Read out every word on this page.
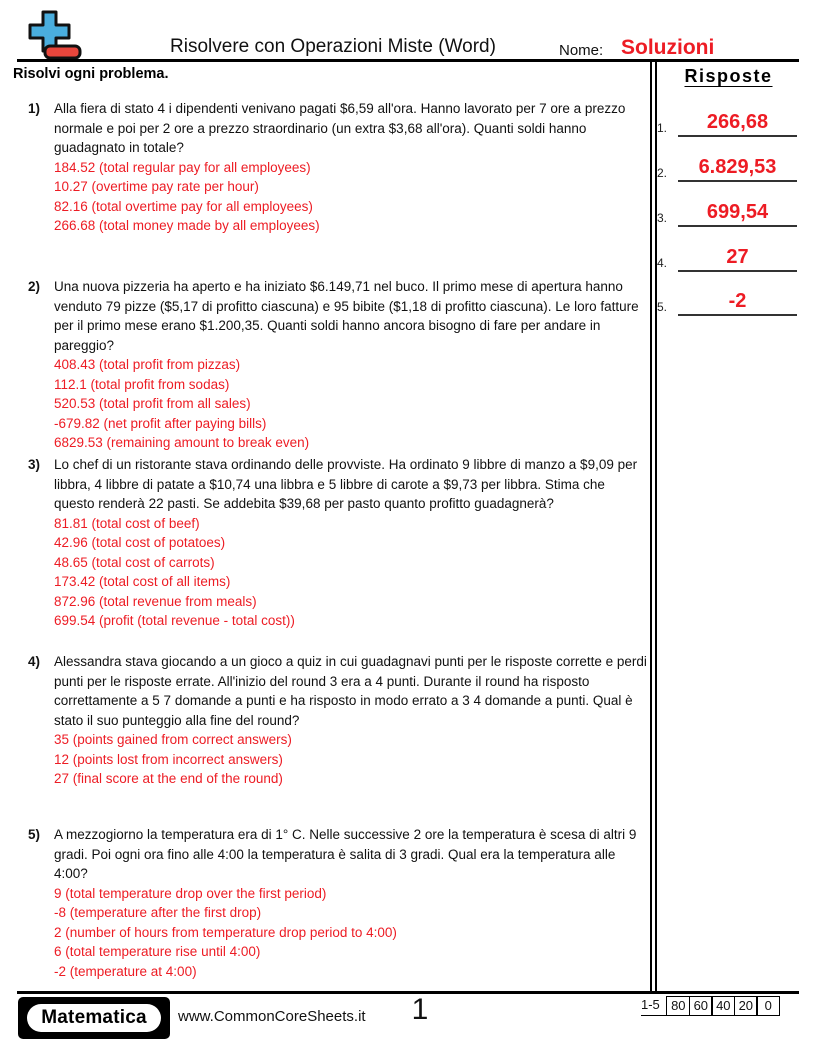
Risolvere con Operazioni Miste (Word)	Nome: Soluzioni
Risolvi ogni problema.	Risposte
1.	266,68
2.	6.829,53
3.	699,54
4.	27
5.	-2
1)	Alla fiera di stato 4 i dipendenti venivano pagati $6,59 all'ora. Hanno lavorato per 7 ore a prezzo normale e poi per 2 ore a prezzo straordinario (un extra $3,68 all'ora). Quanti soldi hanno guadagnato in totale?
184.52 (total regular pay for all employees)
10.27 (overtime pay rate per hour)
82.16 (total overtime pay for all employees)
266.68 (total money made by all employees)
2)	Una nuova pizzeria ha aperto e ha iniziato $6.149,71 nel buco. Il primo mese di apertura hanno venduto 79 pizze ($5,17 di profitto ciascuna) e 95 bibite ($1,18 di profitto ciascuna). Le loro fatture per il primo mese erano $1.200,35. Quanti soldi hanno ancora bisogno di fare per andare in pareggio?
408.43 (total profit from pizzas)
112.1 (total profit from sodas)
520.53 (total profit from all sales)
-679.82 (net profit after paying bills)
6829.53 (remaining amount to break even)
3)	Lo chef di un ristorante stava ordinando delle provviste. Ha ordinato 9 libbre di manzo a $9,09 per libbra, 4 libbre di patate a $10,74 una libbra e 5 libbre di carote a $9,73 per libbra. Stima che questo renderà 22 pasti. Se addebita $39,68 per pasto quanto profitto guadagnerà?
81.81 (total cost of beef)
42.96 (total cost of potatoes)
48.65 (total cost of carrots)
173.42 (total cost of all items)
872.96 (total revenue from meals)
699.54 (profit (total revenue - total cost))
4)	Alessandra stava giocando a un gioco a quiz in cui guadagnavi punti per le risposte corrette e perdi punti per le risposte errate. All'inizio del round 3 era a 4 punti. Durante il round ha risposto correttamente a 5 7 domande a punti e ha risposto in modo errato a 3 4 domande a punti. Qual è stato il suo punteggio alla fine del round?
35 (points gained from correct answers)
12 (points lost from incorrect answers)
27 (final score at the end of the round)
5)	A mezzogiorno la temperatura era di 1° C. Nelle successive 2 ore la temperatura è scesa di altri 9 gradi. Poi ogni ora fino alle 4:00 la temperatura è salita di 3 gradi. Qual era la temperatura alle 4:00?
9 (total temperature drop over the first period)
-8 (temperature after the first drop)
2 (number of hours from temperature drop period to 4:00)
6 (total temperature rise until 4:00)
-2 (temperature at 4:00)
Matematica	www.CommonCoreSheets.it	1	1-5 80 60 40 20 0
